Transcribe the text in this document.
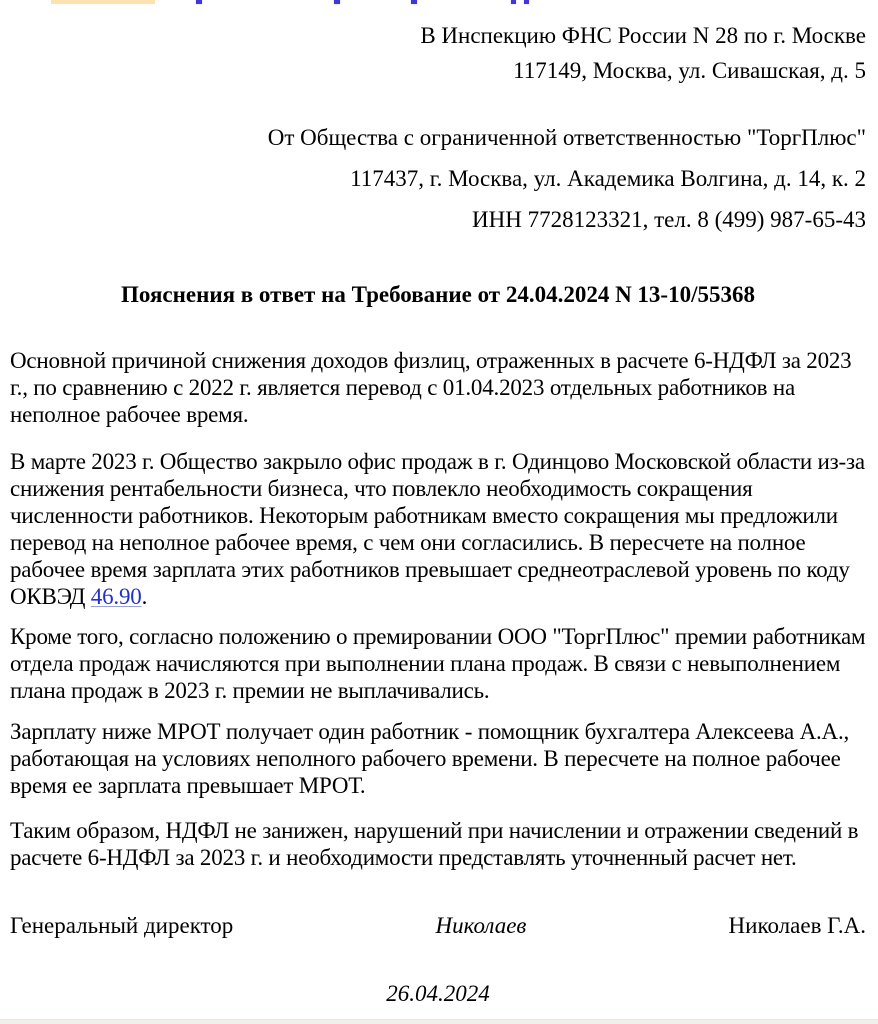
В Инспекцию ФНС России N 28 по г. Москве
117149, Москва, ул. Сивашская, д. 5
От Общества с ограниченной ответственностью "ТоргПлюс"
117437, г. Москва, ул. Академика Волгина, д. 14, к. 2
ИНН 7728123321, тел. 8 (499) 987-65-43
Пояснения в ответ на Требование от 24.04.2024 N 13-10/55368
Основной причиной снижения доходов физлиц, отраженных в расчете 6-НДФЛ за 2023 г., по сравнению с 2022 г. является перевод с 01.04.2023 отдельных работников на неполное рабочее время.
В марте 2023 г. Общество закрыло офис продаж в г. Одинцово Московской области из-за снижения рентабельности бизнеса, что повлекло необходимость сокращения численности работников. Некоторым работникам вместо сокращения мы предложили перевод на неполное рабочее время, с чем они согласились. В пересчете на полное рабочее время зарплата этих работников превышает среднеотраслевой уровень по коду ОКВЭД 46.90.
Кроме того, согласно положению о премировании ООО "ТоргПлюс" премии работникам отдела продаж начисляются при выполнении плана продаж. В связи с невыполнением плана продаж в 2023 г. премии не выплачивались.
Зарплату ниже МРОТ получает один работник - помощник бухгалтера Алексеева А.А., работающая на условиях неполного рабочего времени. В пересчете на полное рабочее время ее зарплата превышает МРОТ.
Таким образом, НДФЛ не занижен, нарушений при начислении и отражении сведений в расчете 6-НДФЛ за 2023 г. и необходимости представлять уточненный расчет нет.
Генеральный директор	Николаев	Николаев Г.А.
26.04.2024
